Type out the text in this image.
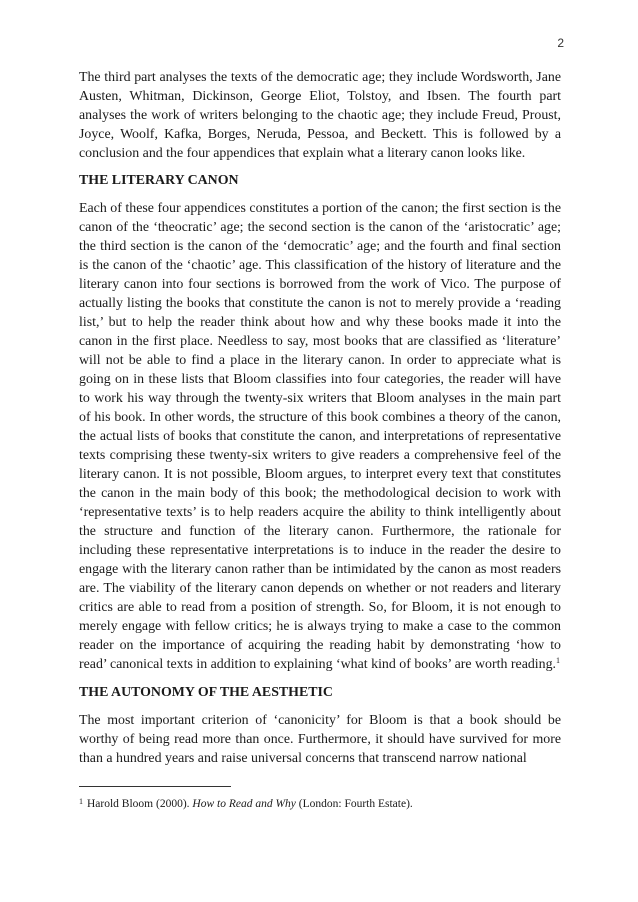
2

The third part analyses the texts of the democratic age; they include Wordsworth, Jane Austen, Whitman, Dickinson, George Eliot, Tolstoy, and Ibsen. The fourth part analyses the work of writers belonging to the chaotic age; they include Freud, Proust, Joyce, Woolf, Kafka, Borges, Neruda, Pessoa, and Beckett. This is followed by a conclusion and the four appendices that explain what a literary canon looks like.

THE LITERARY CANON

Each of these four appendices constitutes a portion of the canon; the first section is the canon of the ‘theocratic’ age; the second section is the canon of the ‘aristocratic’ age; the third section is the canon of the ‘democratic’ age; and the fourth and final section is the canon of the ‘chaotic’ age. This classification of the history of literature and the literary canon into four sections is borrowed from the work of Vico. The purpose of actually listing the books that constitute the canon is not to merely provide a ‘reading list,’ but to help the reader think about how and why these books made it into the canon in the first place. Needless to say, most books that are classified as ‘literature’ will not be able to find a place in the literary canon. In order to appreciate what is going on in these lists that Bloom classifies into four categories, the reader will have to work his way through the twenty-six writers that Bloom analyses in the main part of his book. In other words, the structure of this book combines a theory of the canon, the actual lists of books that constitute the canon, and interpretations of representative texts comprising these twenty-six writers to give readers a comprehensive feel of the literary canon. It is not possible, Bloom argues, to interpret every text that constitutes the canon in the main body of this book; the methodological decision to work with ‘representative texts’ is to help readers acquire the ability to think intelligently about the structure and function of the literary canon. Furthermore, the rationale for including these representative interpretations is to induce in the reader the desire to engage with the literary canon rather than be intimidated by the canon as most readers are. The viability of the literary canon depends on whether or not readers and literary critics are able to read from a position of strength. So, for Bloom, it is not enough to merely engage with fellow critics; he is always trying to make a case to the common reader on the importance of acquiring the reading habit by demonstrating ‘how to read’ canonical texts in addition to explaining ‘what kind of books’ are worth reading.$^1$

THE AUTONOMY OF THE AESTHETIC

The most important criterion of ‘canonicity’ for Bloom is that a book should be worthy of being read more than once. Furthermore, it should have survived for more than a hundred years and raise universal concerns that transcend narrow national

$^1$ Harold Bloom (2000). How to Read and Why (London: Fourth Estate).
